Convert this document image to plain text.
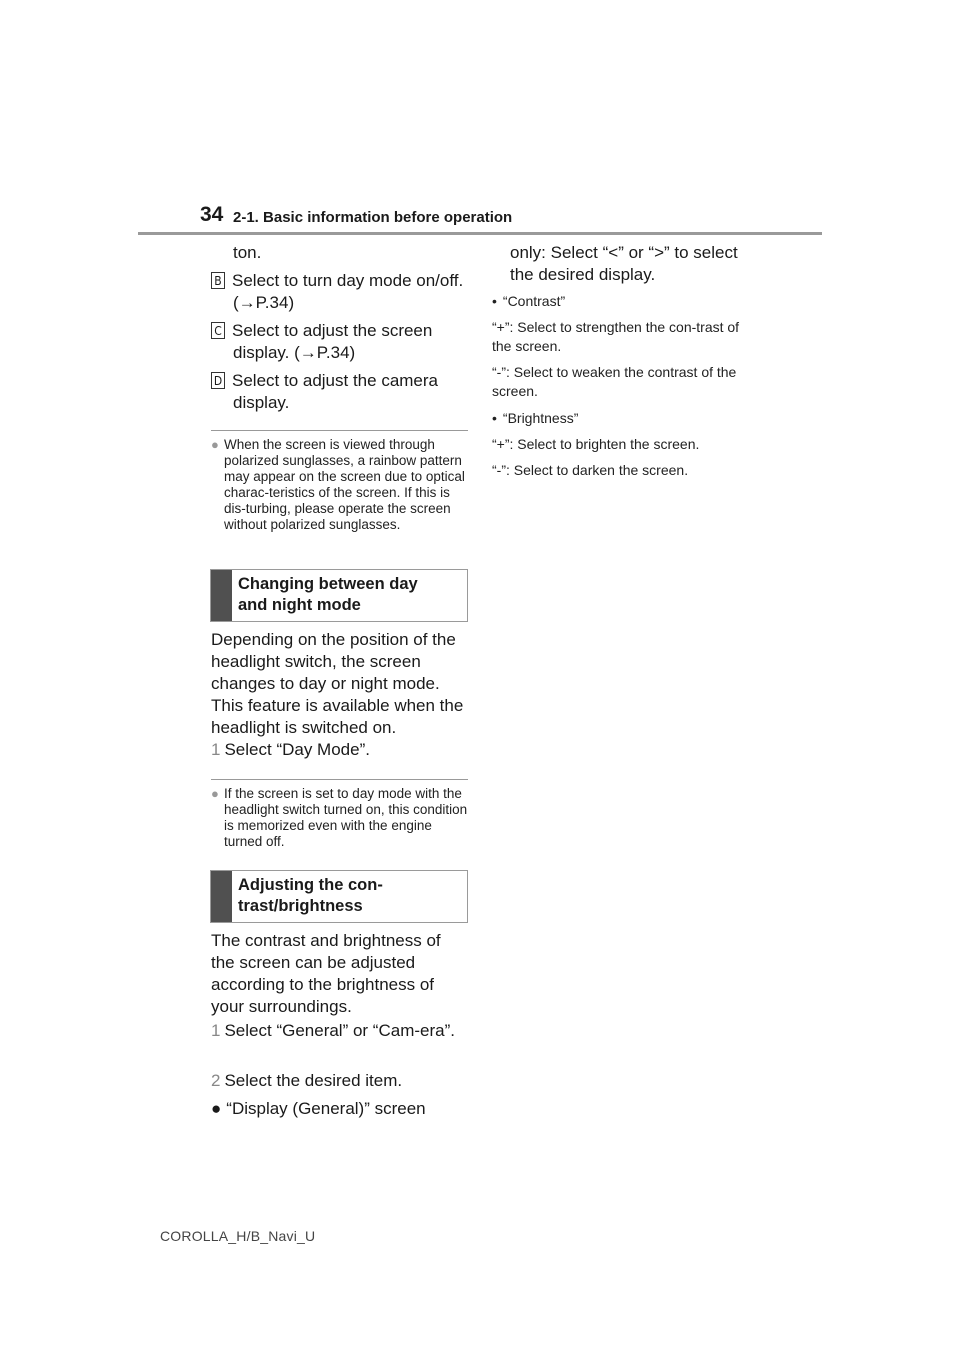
34 2-1. Basic information before operation
ton.
B Select to turn day mode on/off. (→P.34)
C Select to adjust the screen display. (→P.34)
D Select to adjust the camera display.
● When the screen is viewed through polarized sunglasses, a rainbow pattern may appear on the screen due to optical charac-teristics of the screen. If this is dis-turbing, please operate the screen without polarized sunglasses.
Changing between day
and night mode
Depending on the position of the headlight switch, the screen changes to day or night mode. This feature is available when the headlight is switched on.
1 Select “Day Mode”.
● If the screen is set to day mode with the headlight switch turned on, this condition is memorized even with the engine turned off.
Adjusting the con-
trast/brightness
The contrast and brightness of the screen can be adjusted according to the brightness of your surroundings.
1 Select “General” or “Cam-era”.
2 Select the desired item.
● “Display (General)” screen
only: Select “<” or “>” to select the desired display.
• “Contrast”
“+”: Select to strengthen the con-trast of the screen.
“-”: Select to weaken the contrast of the screen.
• “Brightness”
“+”: Select to brighten the screen.
“-”: Select to darken the screen.
COROLLA_H/B_Navi_U
